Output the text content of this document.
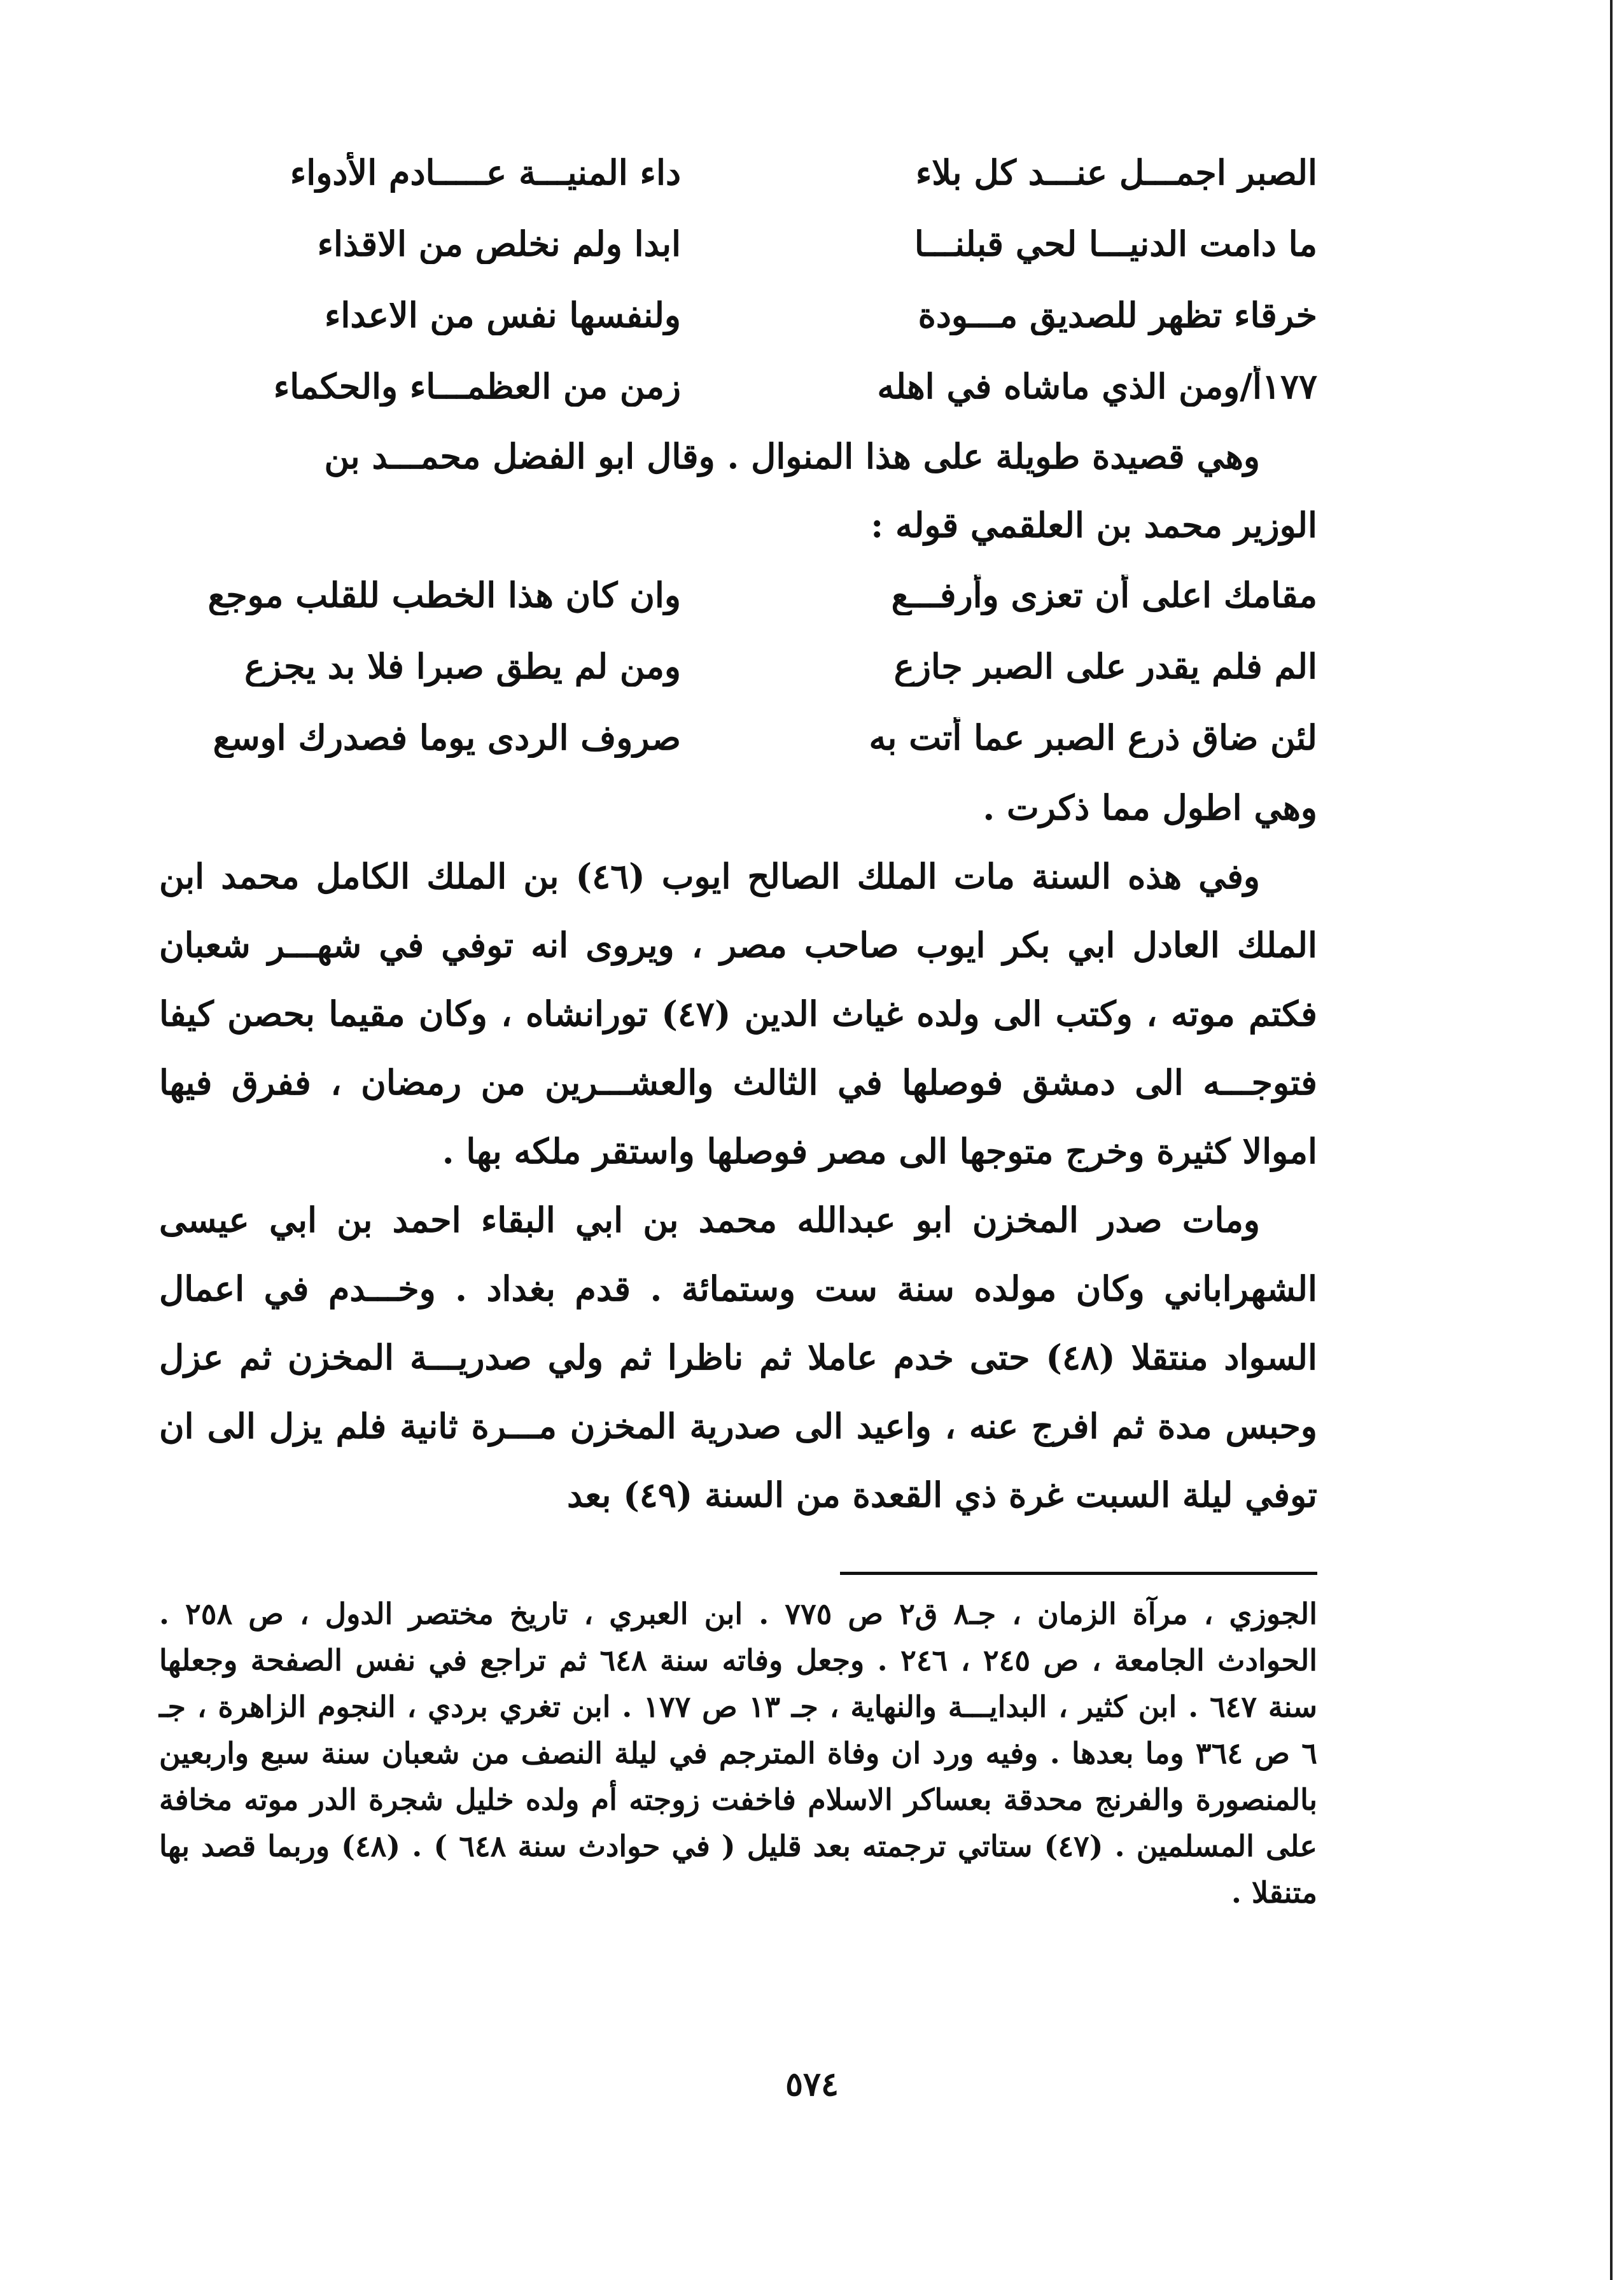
الصبر اجمـــل عنـــد كل بلاء
داء المنيـــة عـــــادم الأدواء
ما دامت الدنيـــا لحي قبلنـــا
ابدا ولم نخلص من الاقذاء
خرقاء تظهر للصديق مـــودة
ولنفسها نفس من الاعداء
١٧٧أ/ومن الذي ماشاه في اهله
زمن من العظمـــاء والحكماء

وهي قصيدة طويلة على هذا المنوال . وقال ابو الفضل محمـــد بن

الوزير محمد بن العلقمي قوله :

مقامك اعلى أن تعزى وأرفـــع
وان كان هذا الخطب للقلب موجع
الم فلم يقدر على الصبر جازع
ومن لم يطق صبرا فلا بد يجزع
لئن ضاق ذرع الصبر عما أتت به
صروف الردى يوما فصدرك اوسع

وهي اطول مما ذكرت .

وفي هذه السنة مات الملك الصالح ايوب (٤٦) بن الملك الكامل محمد ابن الملك العادل ابي بكر ايوب صاحب مصر ، ويروى انه توفي في شهـــر شعبان فكتم موته ، وكتب الى ولده غياث الدين (٤٧) تورانشاه ، وكان مقيما بحصن كيفا فتوجـــه الى دمشق فوصلها في الثالث والعشـــرين من رمضان ، ففرق فيها اموالا كثيرة وخرج متوجها الى مصر فوصلها واستقر ملكه بها .

ومات صدر المخزن ابو عبدالله محمد بن ابي البقاء احمد بن ابي عيسى الشهراباني وكان مولده سنة ست وستمائة . قدم بغداد . وخـــدم في اعمال السواد منتقلا (٤٨) حتى خدم عاملا ثم ناظرا ثم ولي صدريـــة المخزن ثم عزل وحبس مدة ثم افرج عنه ، واعيد الى صدرية المخزن مـــرة ثانية فلم يزل الى ان توفي ليلة السبت غرة ذي القعدة من السنة (٤٩) بعد

الجوزي ، مرآة الزمان ، جـ٨ ق٢ ص ٧٧٥ . ابن العبري ، تاريخ مختصر الدول ، ص ٢٥٨ . الحوادث الجامعة ، ص ٢٤٥ ، ٢٤٦ . وجعل وفاته سنة ٦٤٨ ثم تراجع في نفس الصفحة وجعلها سنة ٦٤٧ . ابن كثير ، البدايـــة والنهاية ، جـ ١٣ ص ١٧٧ . ابن تغري بردي ، النجوم الزاهرة ، جـ ٦ ص ٣٦٤ وما بعدها . وفيه ورد ان وفاة المترجم في ليلة النصف من شعبان سنة سبع واربعين بالمنصورة والفرنج محدقة بعساكر الاسلام فاخفت زوجته أم ولده خليل شجرة الدر موته مخافة على المسلمين . (٤٧) ستاتي ترجمته بعد قليل ( في حوادث سنة ٦٤٨ ) . (٤٨) وربما قصد بها متنقلا .

٥٧٤
